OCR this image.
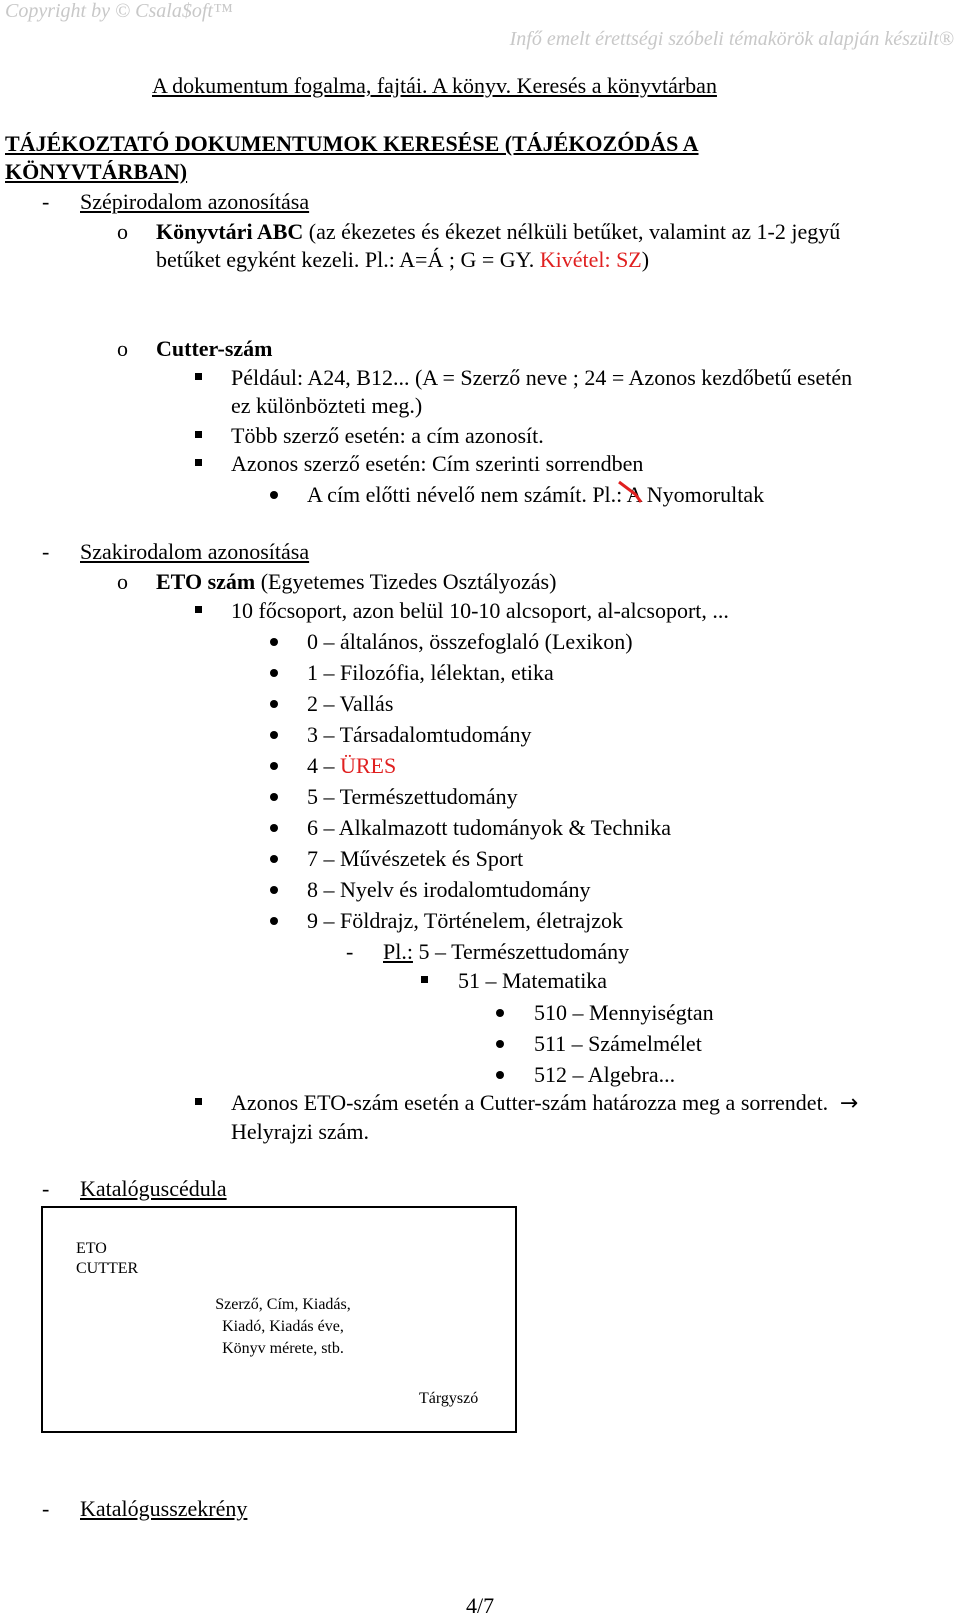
Copyright by © Csala$oft™
Infő emelt érettségi szóbeli témakörök alapján készült®
A dokumentum fogalma, fajtái. A könyv. Keresés a könyvtárban
TÁJÉKOZTATÓ DOKUMENTUMOK KERESÉSE (TÁJÉKOZÓDÁS A
KÖNYVTÁRBAN)
- Szépirodalom azonosítása
o Könyvtári ABC (az ékezetes és ékezet nélküli betűket, valamint az 1-2 jegyű
betűket egyként kezeli. Pl.: A=Á ; G = GY. Kivétel: SZ)
o Cutter-szám
Például: A24, B12... (A = Szerző neve ; 24 = Azonos kezdőbetű esetén
ez különbözteti meg.)
Több szerző esetén: a cím azonosít.
Azonos szerző esetén: Cím szerinti sorrendben
A cím előtti névelő nem számít. Pl.: A
Nyomorultak
- Szakirodalom azonosítása
o ETO szám (Egyetemes Tizedes Osztályozás)
10 főcsoport, azon belül 10-10 alcsoport, al-alcsoport, ...
0 – általános, összefoglaló (Lexikon)
1 – Filozófia, lélektan, etika
2 – Vallás
3 – Társadalomtudomány
4 – ÜRES
5 – Természettudomány
6 – Alkalmazott tudományok & Technika
7 – Művészetek és Sport
8 – Nyelv és irodalomtudomány
9 – Földrajz, Történelem, életrajzok
- Pl.: 5 – Természettudomány
51 – Matematika
510 – Mennyiségtan
511 – Számelmélet
512 – Algebra...
Azonos ETO-szám esetén a Cutter-szám határozza meg a sorrendet. →
Helyrajzi szám.
- Katalóguscédula
ETO
CUTTER
Szerző, Cím, Kiadás,
Kiadó, Kiadás éve,
Könyv mérete, stb.
Tárgyszó
- Katalógusszekrény
4/7
